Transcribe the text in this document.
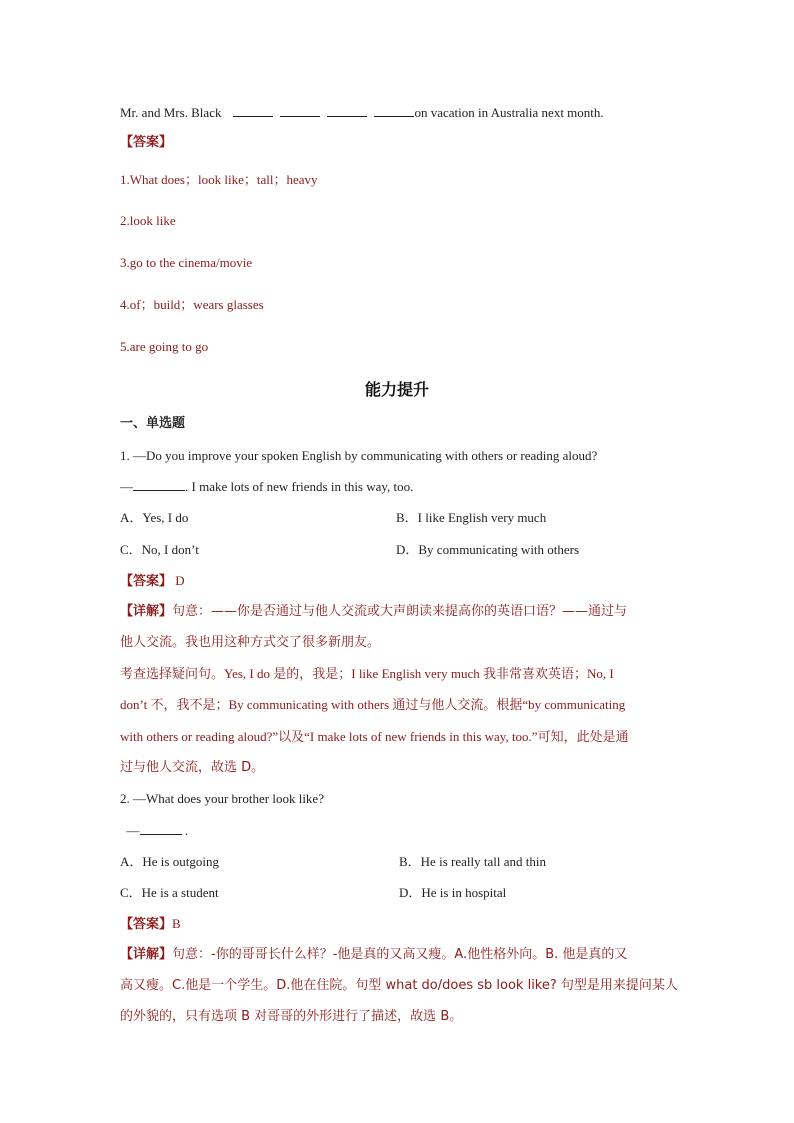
Mr. and Mrs. Black	on vacation in Australia next month.
【答案】
1.What does；look like；tall；heavy
2.look like
3.go to the cinema/movie
4.of；build；wears glasses
5.are going to go
能力提升
一、单选题
1. —Do you improve your spoken English by communicating with others or reading aloud?
—	. I make lots of new friends in this way, too.
A．Yes, I do	B．I like English very much
C．No, I don’t	D．By communicating with others
【答案】 D
【详解】句意：——你是否通过与他人交流或大声朗读来提高你的英语口语？——通过与
他人交流。我也用这种方式交了很多新朋友。
考查选择疑问句。Yes, I do 是的，我是；I like English very much 我非常喜欢英语；No, I
don’t 不，我不是；By communicating with others 通过与他人交流。根据“by communicating
with others or reading aloud?”以及“I make lots of new friends in this way, too.”可知，此处是通
过与他人交流，故选 D。
2. —What does your brother look like?
—	.
A．He is outgoing	B．He is really tall and thin
C．He is a student	D．He is in hospital
【答案】B
【详解】句意：-你的哥哥长什么样？-他是真的又高又瘦。A.他性格外向。B. 他是真的又
高又瘦。C.他是一个学生。D.他在住院。句型 what do/does sb look like? 句型是用来提问某人
的外貌的，只有选项 B 对哥哥的外形进行了描述，故选 B。
